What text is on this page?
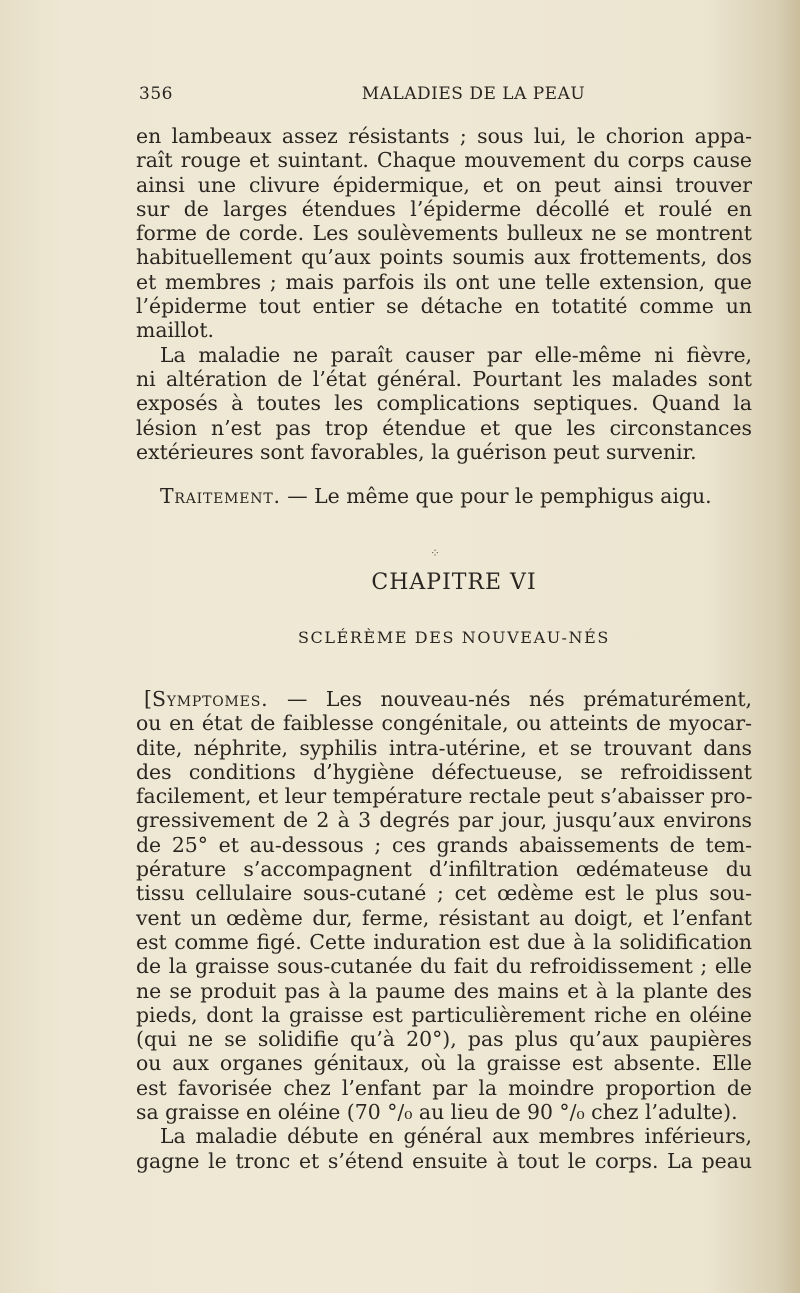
356	MALADIES DE LA PEAU
en lambeaux assez résistants ; sous lui, le chorion appa-
raît rouge et suintant. Chaque mouvement du corps cause
ainsi une clivure épidermique, et on peut ainsi trouver
sur de larges étendues l’épiderme décollé et roulé en
forme de corde. Les soulèvements bulleux ne se montrent
habituellement qu’aux points soumis aux frottements, dos
et membres ; mais parfois ils ont une telle extension, que
l’épiderme tout entier se détache en totatité comme un
maillot.
La maladie ne paraît causer par elle-même ni fièvre,
ni altération de l’état général. Pourtant les malades sont
exposés à toutes les complications septiques. Quand la
lésion n’est pas trop étendue et que les circonstances
extérieures sont favorables, la guérison peut survenir.
Traitement. — Le même que pour le pemphigus aigu.
⁘
CHAPITRE VI
SCLÉRÈME DES NOUVEAU-NÉS
[Symptomes. — Les nouveau-nés nés prématurément,
ou en état de faiblesse congénitale, ou atteints de myocar-
dite, néphrite, syphilis intra-utérine, et se trouvant dans
des conditions d’hygiène défectueuse, se refroidissent
facilement, et leur température rectale peut s’abaisser pro-
gressivement de 2 à 3 degrés par jour, jusqu’aux environs
de 25° et au-dessous ; ces grands abaissements de tem-
pérature s’accompagnent d’infiltration œdémateuse du
tissu cellulaire sous-cutané ; cet œdème est le plus sou-
vent un œdème dur, ferme, résistant au doigt, et l’enfant
est comme figé. Cette induration est due à la solidification
de la graisse sous-cutanée du fait du refroidissement ; elle
ne se produit pas à la paume des mains et à la plante des
pieds, dont la graisse est particulièrement riche en oléine
(qui ne se solidifie qu’à 20°), pas plus qu’aux paupières
ou aux organes génitaux, où la graisse est absente. Elle
est favorisée chez l’enfant par la moindre proportion de
sa graisse en oléine (70 °/₀ au lieu de 90 °/₀ chez l’adulte).
La maladie débute en général aux membres inférieurs,
gagne le tronc et s’étend ensuite à tout le corps. La peau
